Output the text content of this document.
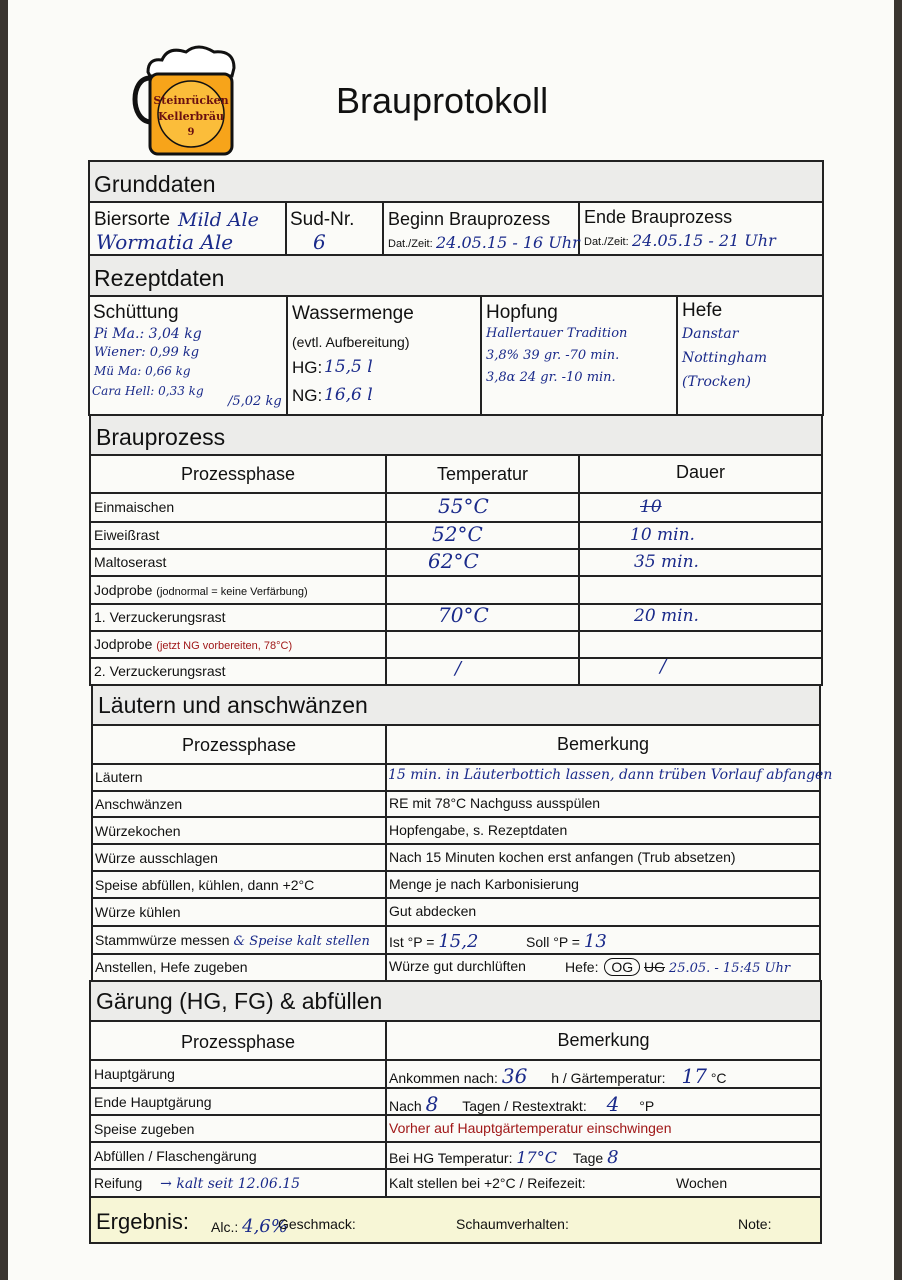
Steinrücken
Kellerbräu
9
Brauprotokoll
Grunddaten
Biersorte Mild Ale
Wormatia Ale
Sud-Nr.
6
Beginn Brauprozess
Dat./Zeit: 24.05.15 - 16 Uhr
Ende Brauprozess
Dat./Zeit: 24.05.15 - 21 Uhr
Rezeptdaten
Schüttung
Pi Ma.: 3,04 kg
Wiener: 0,99 kg
Mü Ma: 0,66 kg
Cara Hell: 0,33 kg
/5,02 kg
Wassermenge
(evtl. Aufbereitung)
HG: 15,5 l
NG: 16,6 l
Hopfung
Hallertauer Tradition
3,8% 39 gr. -70 min.
3,8α 24 gr. -10 min.
Hefe
Danstar
Nottingham
(Trocken)
Brauprozess
Prozessphase	Temperatur	Dauer
Einmaischen	55°C	10
Eiweißrast	52°C	10 min.
Maltoserast	62°C	35 min.
Jodprobe (jodnormal = keine Verfärbung)
1. Verzuckerungsrast	70°C	20 min.
Jodprobe (jetzt NG vorbereiten, 78°C)
2. Verzuckerungsrast	/	/
Läutern und anschwänzen
Prozessphase	Bemerkung
Läutern	15 min. in Läuterbottich lassen, dann trüben Vorlauf abfangen
Anschwänzen	RE mit 78°C Nachguss ausspülen
Würzekochen	Hopfengabe, s. Rezeptdaten
Würze ausschlagen	Nach 15 Minuten kochen erst anfangen (Trub absetzen)
Speise abfüllen, kühlen, dann +2°C	Menge je nach Karbonisierung
Würze kühlen	Gut abdecken
Stammwürze messen & Speise kalt stellen Ist °P = 15,2	Soll °P = 13
Anstellen, Hefe zugeben	Würze gut durchlüften	Hefe: OG UG 25.05. - 15:45 Uhr
Gärung (HG, FG) & abfüllen
Prozessphase	Bemerkung
Hauptgärung	Ankommen nach: 36 h / Gärtemperatur: 17 °C
Ende Hauptgärung	Nach 8 Tagen / Restextrakt: 4 °P
Speise zugeben	Vorher auf Hauptgärtemperatur einschwingen
Abfüllen / Flaschengärung	Bei HG Temperatur: 17°C Tage 8
Reifung → kalt seit 12.06.15	Kalt stellen bei +2°C / Reifezeit:	Wochen
Ergebnis: Alc.: 4,6%
Geschmack:	Schaumverhalten:	Note:
